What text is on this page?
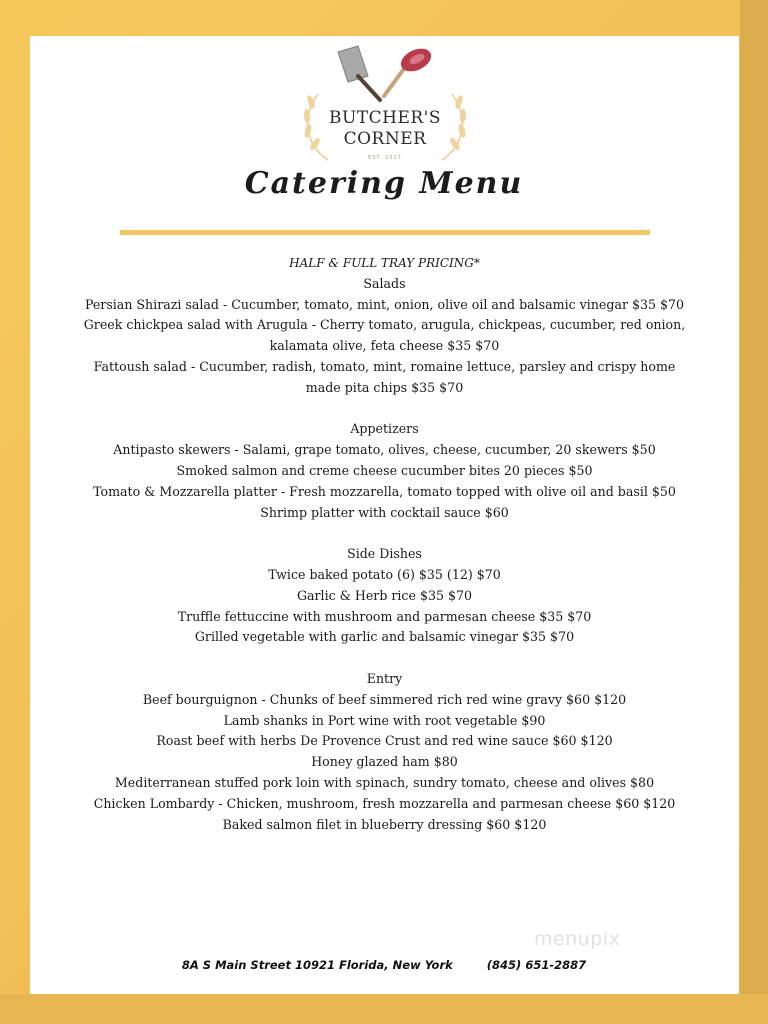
BUTCHER'S
CORNER
EST. 2017
Catering Menu
HALF & FULL TRAY PRICING*
Salads
Persian Shirazi salad - Cucumber, tomato, mint, onion, olive oil and balsamic vinegar $35 $70
Greek chickpea salad with Arugula - Cherry tomato, arugula, chickpeas, cucumber, red onion,
kalamata olive, feta cheese $35 $70
Fattoush salad - Cucumber, radish, tomato, mint, romaine lettuce, parsley and crispy home
made pita chips $35 $70
Appetizers
Antipasto skewers - Salami, grape tomato, olives, cheese, cucumber, 20 skewers $50
Smoked salmon and creme cheese cucumber bites 20 pieces $50
Tomato & Mozzarella platter - Fresh mozzarella, tomato topped with olive oil and basil $50
Shrimp platter with cocktail sauce $60
Side Dishes
Twice baked potato (6) $35 (12) $70
Garlic & Herb rice $35 $70
Truffle fettuccine with mushroom and parmesan cheese $35 $70
Grilled vegetable with garlic and balsamic vinegar $35 $70
Entry
Beef bourguignon - Chunks of beef simmered rich red wine gravy $60 $120
Lamb shanks in Port wine with root vegetable $90
Roast beef with herbs De Provence Crust and red wine sauce $60 $120
Honey glazed ham $80
Mediterranean stuffed pork loin with spinach, sundry tomato, cheese and olives $80
Chicken Lombardy - Chicken, mushroom, fresh mozzarella and parmesan cheese $60 $120
Baked salmon filet in blueberry dressing $60 $120
menupix
8A S Main Street 10921 Florida, New York	(845) 651-2887
